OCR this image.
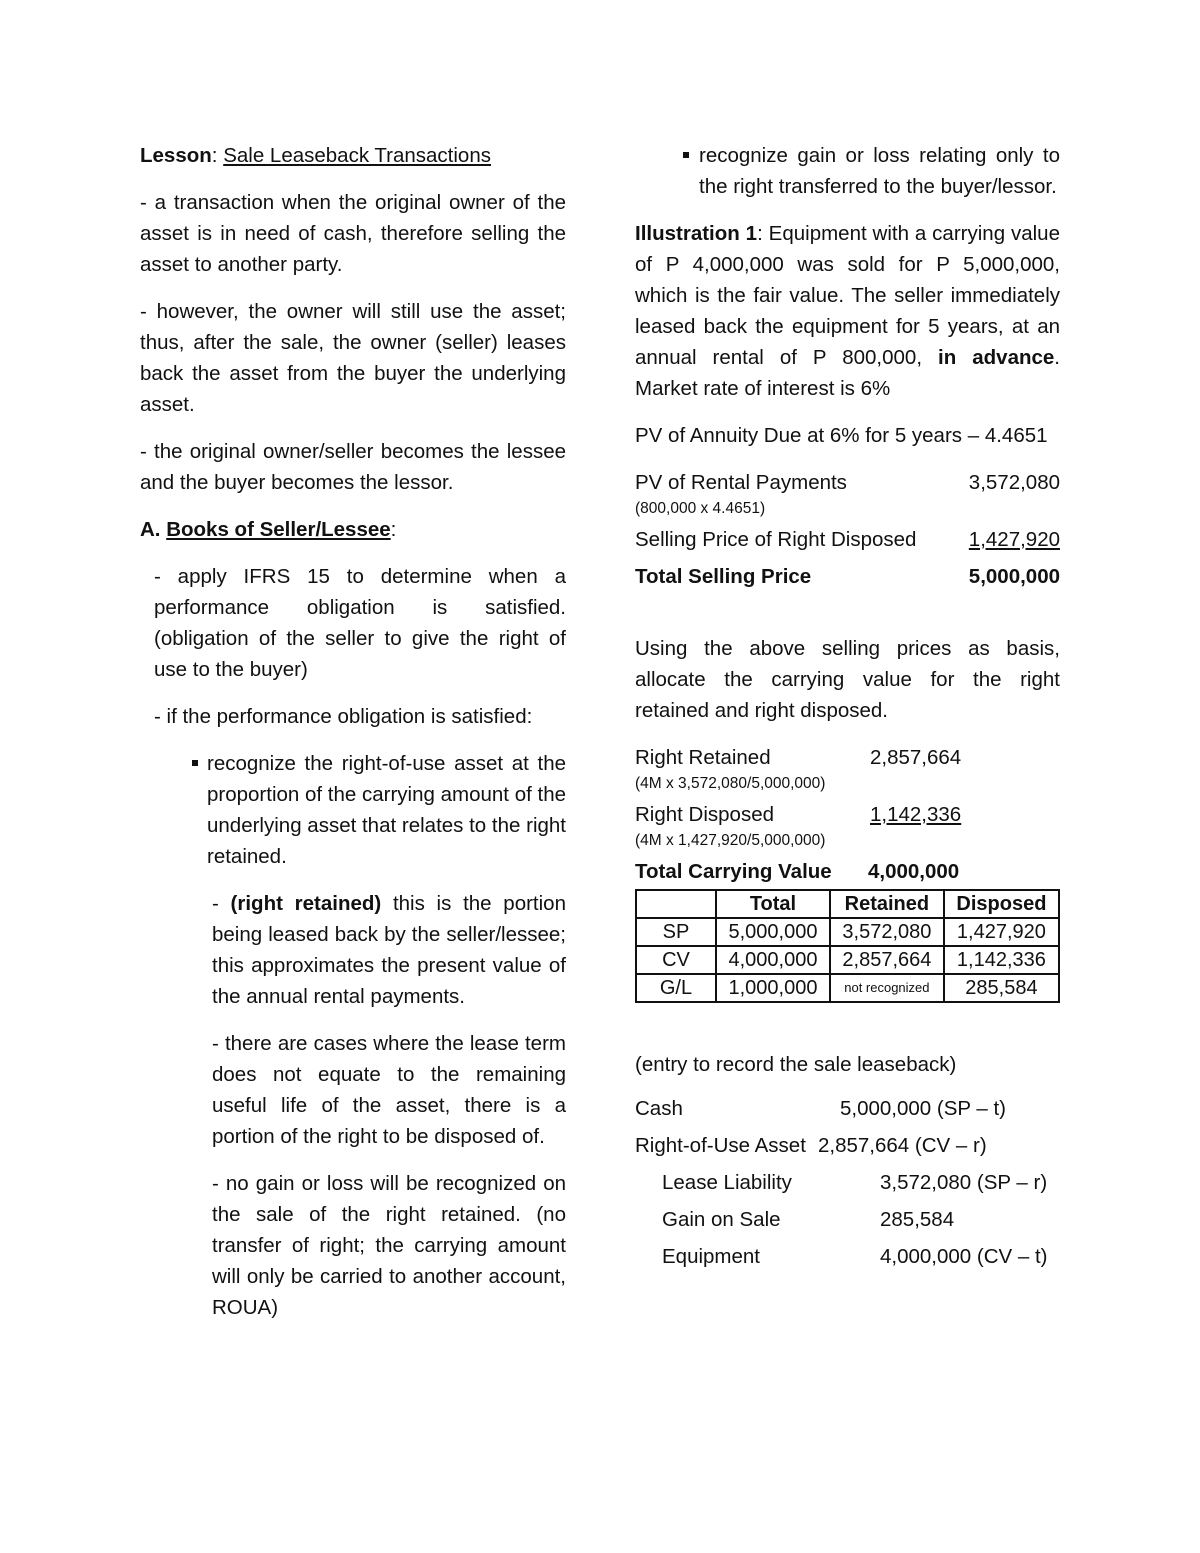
Lesson: Sale Leaseback Transactions

- a transaction when the original owner of the asset is in need of cash, therefore selling the asset to another party.

- however, the owner will still use the asset; thus, after the sale, the owner (seller) leases back the asset from the buyer the underlying asset.

- the original owner/seller becomes the lessee and the buyer becomes the lessor.

A. Books of Seller/Lessee:

- apply IFRS 15 to determine when a performance obligation is satisfied. (obligation of the seller to give the right of use to the buyer)

- if the performance obligation is satisfied:

recognize the right-of-use asset at the proportion of the carrying amount of the underlying asset that relates to the right retained.

- (right retained) this is the portion being leased back by the seller/lessee; this approximates the present value of the annual rental payments.

- there are cases where the lease term does not equate to the remaining useful life of the asset, there is a portion of the right to be disposed of.

- no gain or loss will be recognized on the sale of the right retained. (no transfer of right; the carrying amount will only be carried to another account, ROUA)

recognize gain or loss relating only to the right transferred to the buyer/lessor.

Illustration 1: Equipment with a carrying value of P 4,000,000 was sold for P 5,000,000, which is the fair value. The seller immediately leased back the equipment for 5 years, at an annual rental of P 800,000, in advance. Market rate of interest is 6%

PV of Annuity Due at 6% for 5 years – 4.4651

PV of Rental Payments	3,572,080
(800,000 x 4.4651)
Selling Price of Right Disposed	1,427,920
Total Selling Price	5,000,000

Using the above selling prices as basis, allocate the carrying value for the right retained and right disposed.

Right Retained	2,857,664
(4M x 3,572,080/5,000,000)
Right Disposed	1,142,336
(4M x 1,427,920/5,000,000)
Total Carrying Value	4,000,000
	Total	Retained	Disposed
SP	5,000,000	3,572,080	1,427,920
CV	4,000,000	2,857,664	1,142,336
G/L	1,000,000	not recognized	285,584

(entry to record the sale leaseback)

Cash	5,000,000 (SP – t)
Right-of-Use Asset 2,857,664 (CV – r)
Lease Liability	3,572,080 (SP – r)
Gain on Sale	285,584
Equipment	4,000,000 (CV – t)
